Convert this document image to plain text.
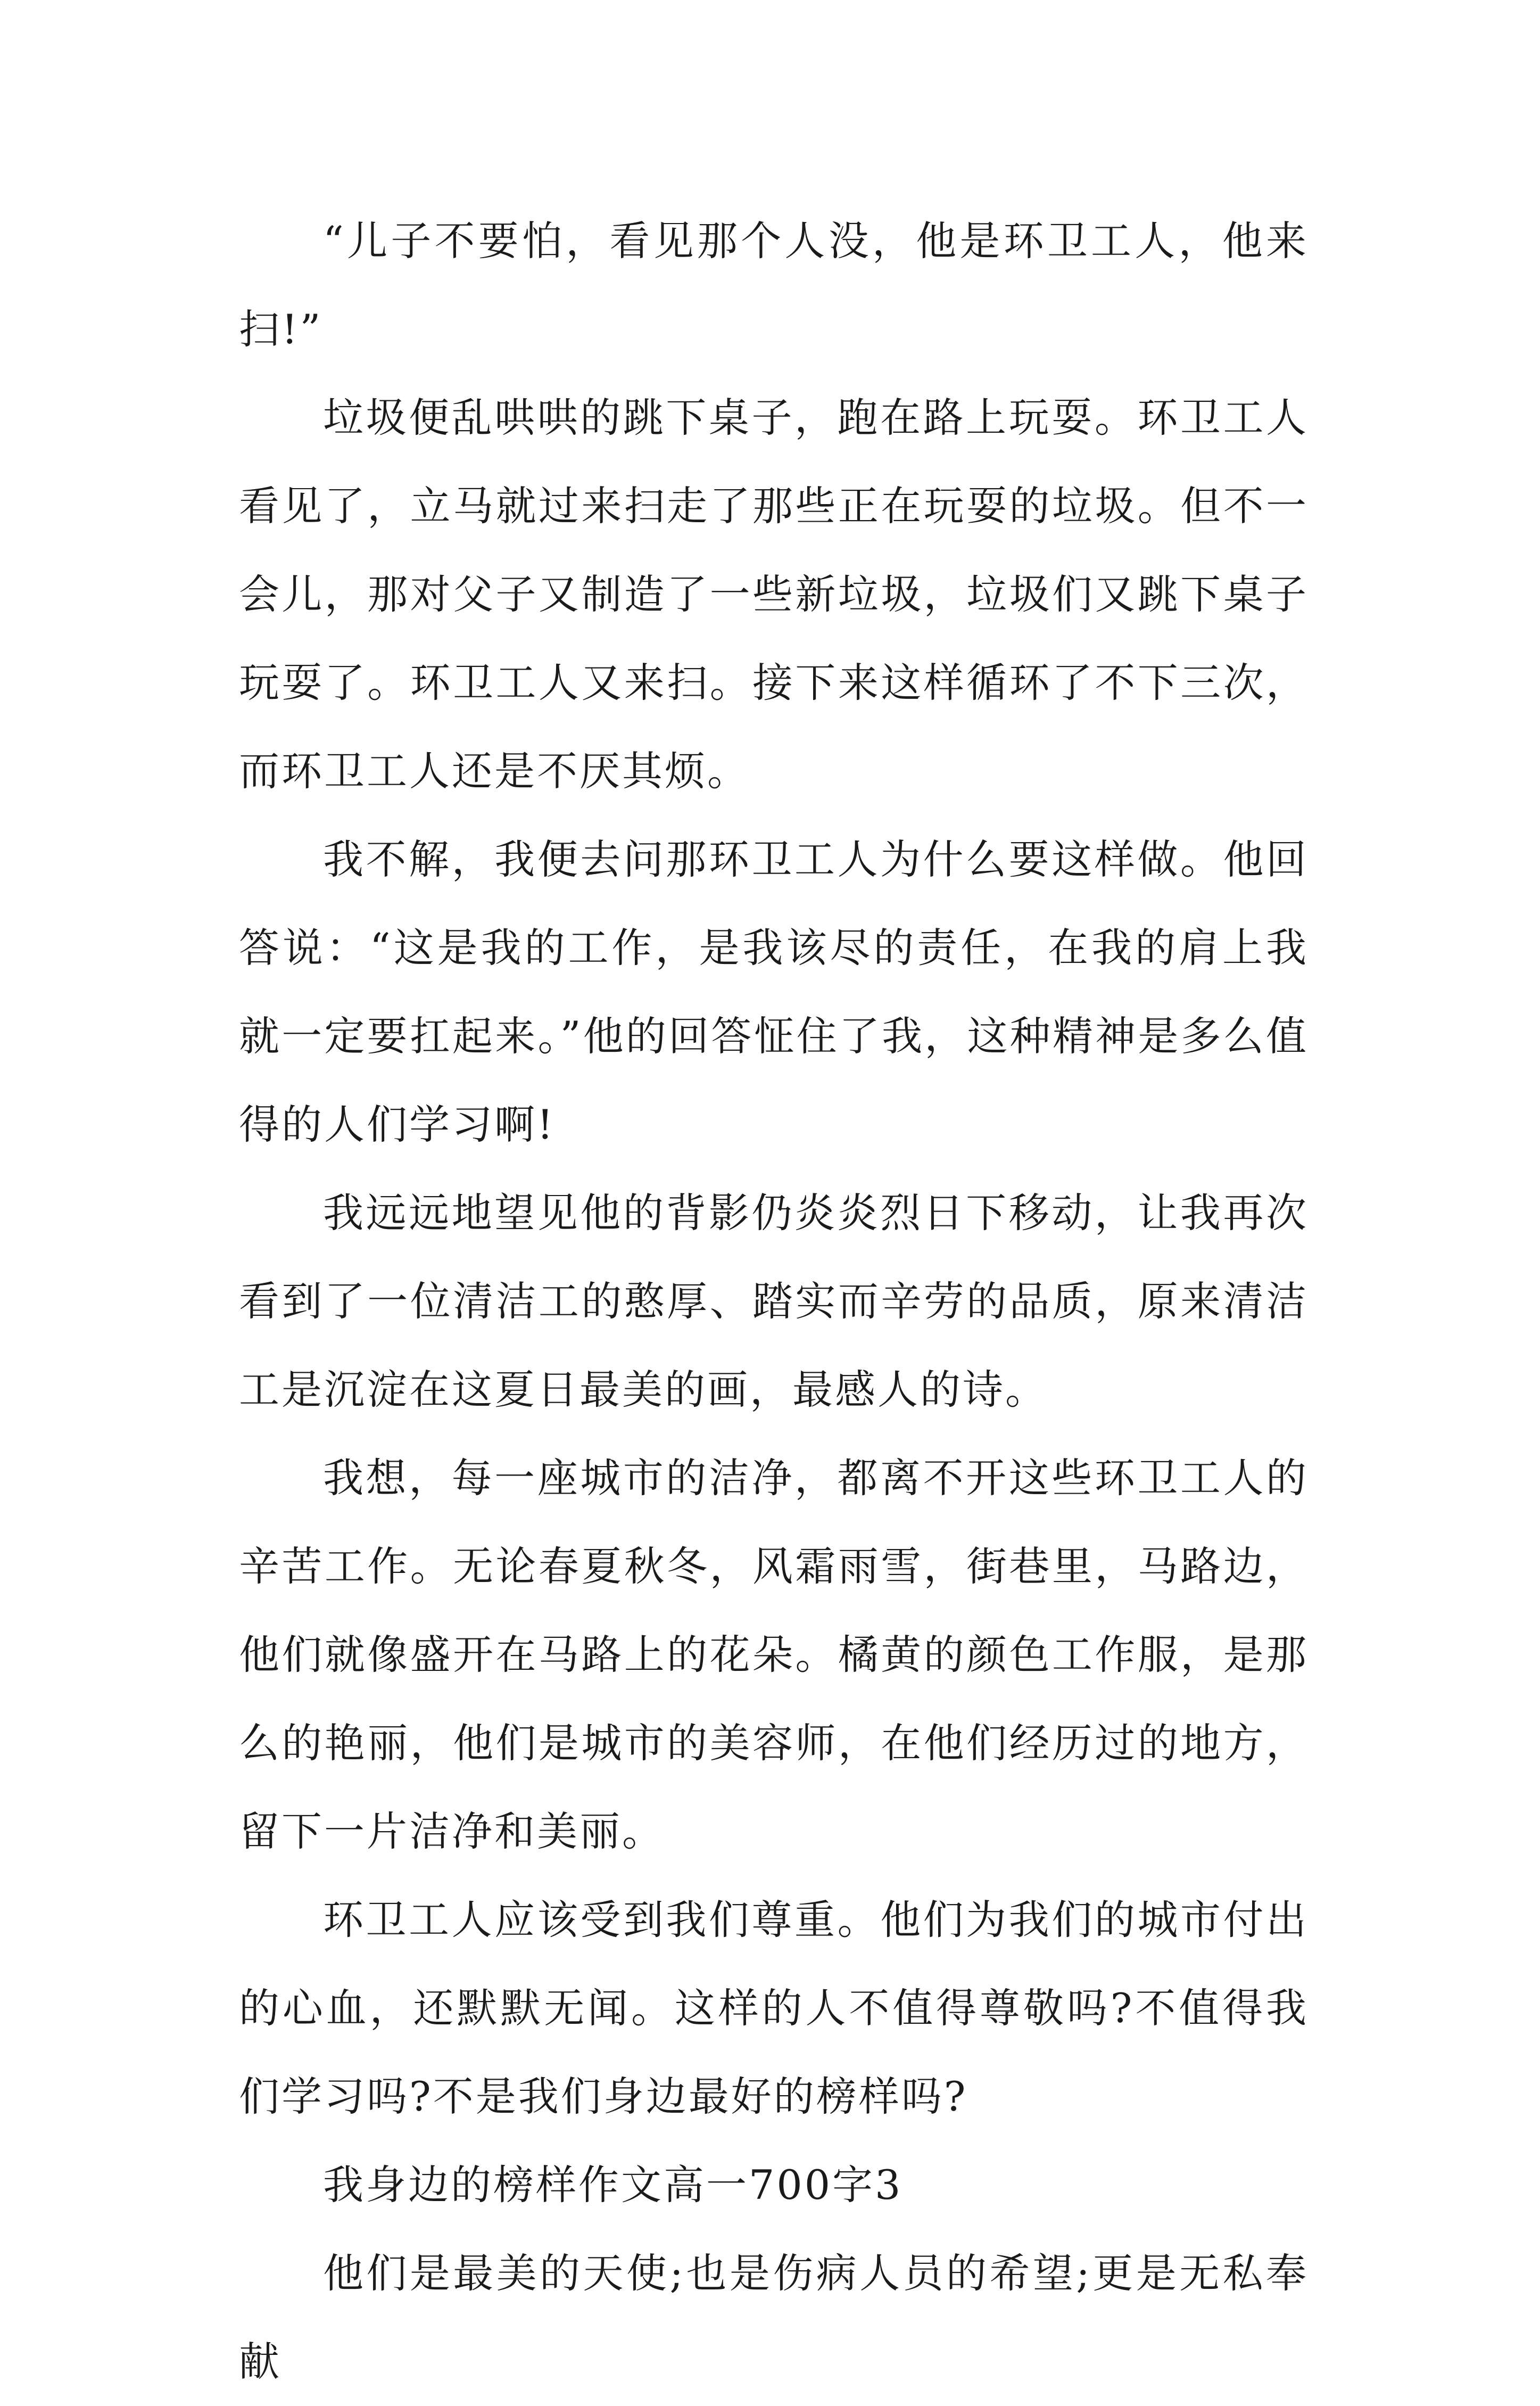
“儿子不要怕，看见那个人没，他是环卫工人，他来扫!”

垃圾便乱哄哄的跳下桌子，跑在路上玩耍。环卫工人看见了，立马就过来扫走了那些正在玩耍的垃圾。但不一会儿，那对父子又制造了一些新垃圾，垃圾们又跳下桌子玩耍了。环卫工人又来扫。接下来这样循环了不下三次，而环卫工人还是不厌其烦。

我不解，我便去问那环卫工人为什么要这样做。他回答说：“这是我的工作，是我该尽的责任，在我的肩上我就一定要扛起来。”他的回答怔住了我，这种精神是多么值得的人们学习啊!

我远远地望见他的背影仍炎炎烈日下移动，让我再次看到了一位清洁工的憨厚、踏实而辛劳的品质，原来清洁工是沉淀在这夏日最美的画，最感人的诗。

我想，每一座城市的洁净，都离不开这些环卫工人的辛苦工作。无论春夏秋冬，风霜雨雪，街巷里，马路边，他们就像盛开在马路上的花朵。橘黄的颜色工作服，是那么的艳丽，他们是城市的美容师，在他们经历过的地方，留下一片洁净和美丽。

环卫工人应该受到我们尊重。他们为我们的城市付出的心血，还默默无闻。这样的人不值得尊敬吗?不值得我们学习吗?不是我们身边最好的榜样吗?

我身边的榜样作文高一700字3

他们是最美的天使;也是伤病人员的希望;更是无私奉献
